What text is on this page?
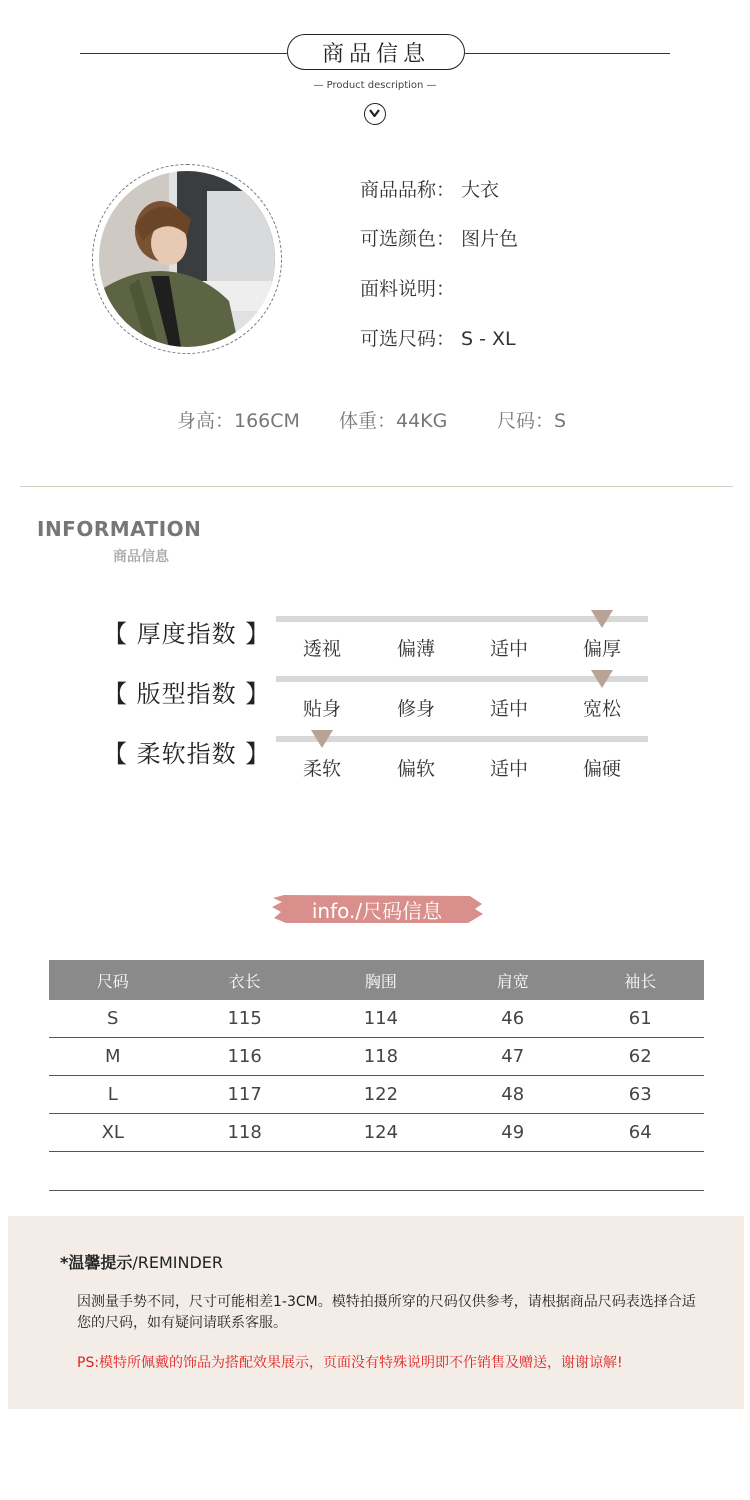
商品信息
— Product description —
商品品称： 大衣
可选颜色： 图片色
面料说明：
可选尺码： S - XL
身高：166CM 体重：44KG	尺码：S
INFORMATION
商品信息
【 厚度指数 】
透视	偏薄	适中	偏厚
【 版型指数 】
贴身	修身	适中	宽松
【 柔软指数 】
柔软	偏软	适中	偏硬
info./尺码信息
尺码	衣长	胸围	肩宽	袖长
S	115	114	46	61
M	116	118	47	62
L	117	122	48	63
XL	118	124	49	64

*温馨提示/REMINDER
因测量手势不同，尺寸可能相差1-3CM。模特拍摄所穿的尺码仅供参考，请根据商品尺码表选择合适您的尺码，如有疑问请联系客服。
PS:模特所佩戴的饰品为搭配效果展示，页面没有特殊说明即不作销售及赠送，谢谢谅解!
